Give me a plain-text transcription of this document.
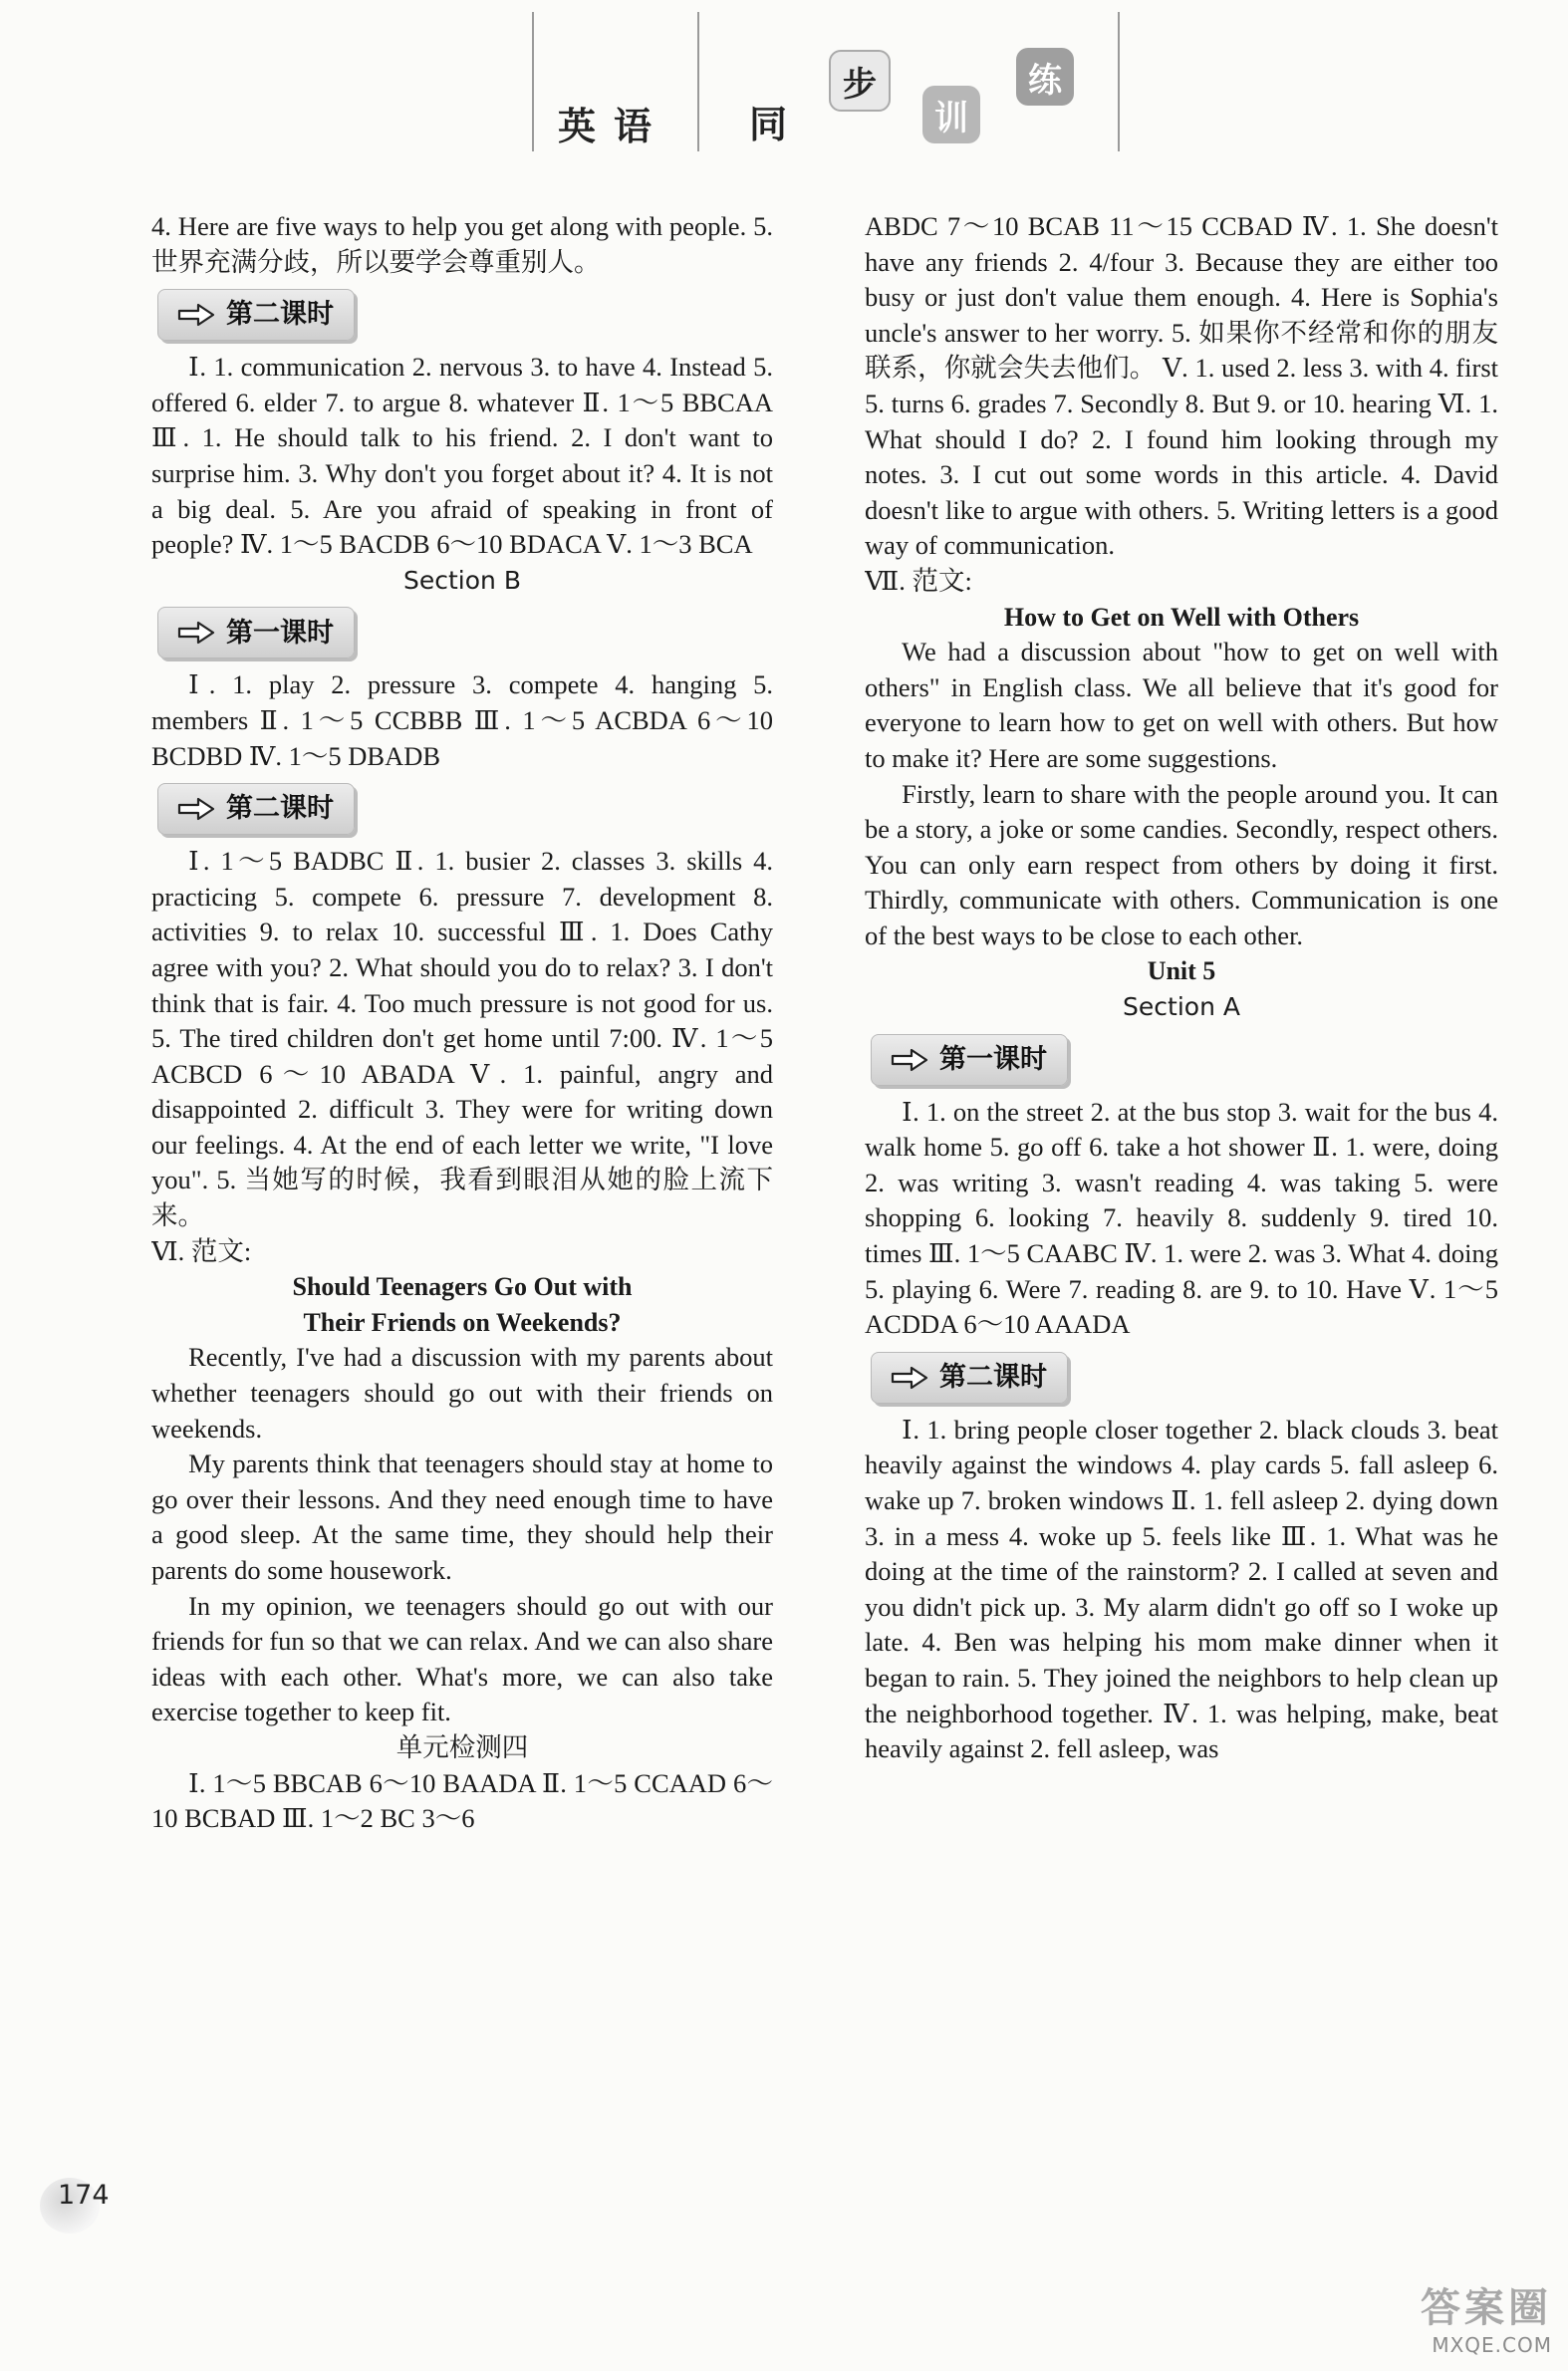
英语 同
步
训
练

4. Here are five ways to help you get along with people. 5. 世界充满分歧，所以要学会尊重别人。

第二课时

Ⅰ. 1. communication 2. nervous 3. to have 4. Instead 5. offered 6. elder 7. to argue 8. whatever Ⅱ. 1～5 BBCAA Ⅲ. 1. He should talk to his friend. 2. I don't want to surprise him. 3. Why don't you forget about it? 4. It is not a big deal. 5. Are you afraid of speaking in front of people? Ⅳ. 1～5 BACDB 6～10 BDACA Ⅴ. 1～3 BCA

Section B

第一课时

Ⅰ. 1. play 2. pressure 3. compete 4. hanging 5. members Ⅱ. 1～5 CCBBB Ⅲ. 1～5 ACBDA 6～10 BCDBD Ⅳ. 1～5 DBADB

第二课时

Ⅰ. 1～5 BADBC Ⅱ. 1. busier 2. classes 3. skills 4. practicing 5. compete 6. pressure 7. development 8. activities 9. to relax 10. successful Ⅲ. 1. Does Cathy agree with you? 2. What should you do to relax? 3. I don't think that is fair. 4. Too much pressure is not good for us. 5. The tired children don't get home until 7:00. Ⅳ. 1～5 ACBCD 6～10 ABADA Ⅴ. 1. painful, angry and disappointed 2. difficult 3. They were for writing down our feelings. 4. At the end of each letter we write, "I love you". 5. 当她写的时候，我看到眼泪从她的脸上流下来。

Ⅵ. 范文:

Should Teenagers Go Out with

Their Friends on Weekends?

Recently, I've had a discussion with my parents about whether teenagers should go out with their friends on weekends.

My parents think that teenagers should stay at home to go over their lessons. And they need enough time to have a good sleep. At the same time, they should help their parents do some housework.

In my opinion, we teenagers should go out with our friends for fun so that we can relax. And we can also share ideas with each other. What's more, we can also take exercise together to keep fit.

单元检测四

Ⅰ. 1～5 BBCAB 6～10 BAADA Ⅱ. 1～5 CCAAD 6～10 BCBAD Ⅲ. 1～2 BC 3～6

ABDC 7～10 BCAB 11～15 CCBAD Ⅳ. 1. She doesn't have any friends 2. 4/four 3. Because they are either too busy or just don't value them enough. 4. Here is Sophia's uncle's answer to her worry. 5. 如果你不经常和你的朋友联系，你就会失去他们。 Ⅴ. 1. used 2. less 3. with 4. first 5. turns 6. grades 7. Secondly 8. But 9. or 10. hearing Ⅵ. 1. What should I do? 2. I found him looking through my notes. 3. I cut out some words in this article. 4. David doesn't like to argue with others. 5. Writing letters is a good way of communication.

Ⅶ. 范文:

How to Get on Well with Others

We had a discussion about "how to get on well with others" in English class. We all believe that it's good for everyone to learn how to get on well with others. But how to make it? Here are some suggestions.

Firstly, learn to share with the people around you. It can be a story, a joke or some candies. Secondly, respect others. You can only earn respect from others by doing it first. Thirdly, communicate with others. Communication is one of the best ways to be close to each other.

Unit 5

Section A

第一课时

Ⅰ. 1. on the street 2. at the bus stop 3. wait for the bus 4. walk home 5. go off 6. take a hot shower Ⅱ. 1. were, doing 2. was writing 3. wasn't reading 4. was taking 5. were shopping 6. looking 7. heavily 8. suddenly 9. tired 10. times Ⅲ. 1～5 CAABC Ⅳ. 1. were 2. was 3. What 4. doing 5. playing 6. Were 7. reading 8. are 9. to 10. Have Ⅴ. 1～5 ACDDA 6～10 AAADA

第二课时

Ⅰ. 1. bring people closer together 2. black clouds 3. beat heavily against the windows 4. play cards 5. fall asleep 6. wake up 7. broken windows Ⅱ. 1. fell asleep 2. dying down 3. in a mess 4. woke up 5. feels like Ⅲ. 1. What was he doing at the time of the rainstorm? 2. I called at seven and you didn't pick up. 3. My alarm didn't go off so I woke up late. 4. Ben was helping his mom make dinner when it began to rain. 5. They joined the neighbors to help clean up the neighborhood together. Ⅳ. 1. was helping, make, beat heavily against 2. fell asleep, was

174
答案圈
MXQE.COM
